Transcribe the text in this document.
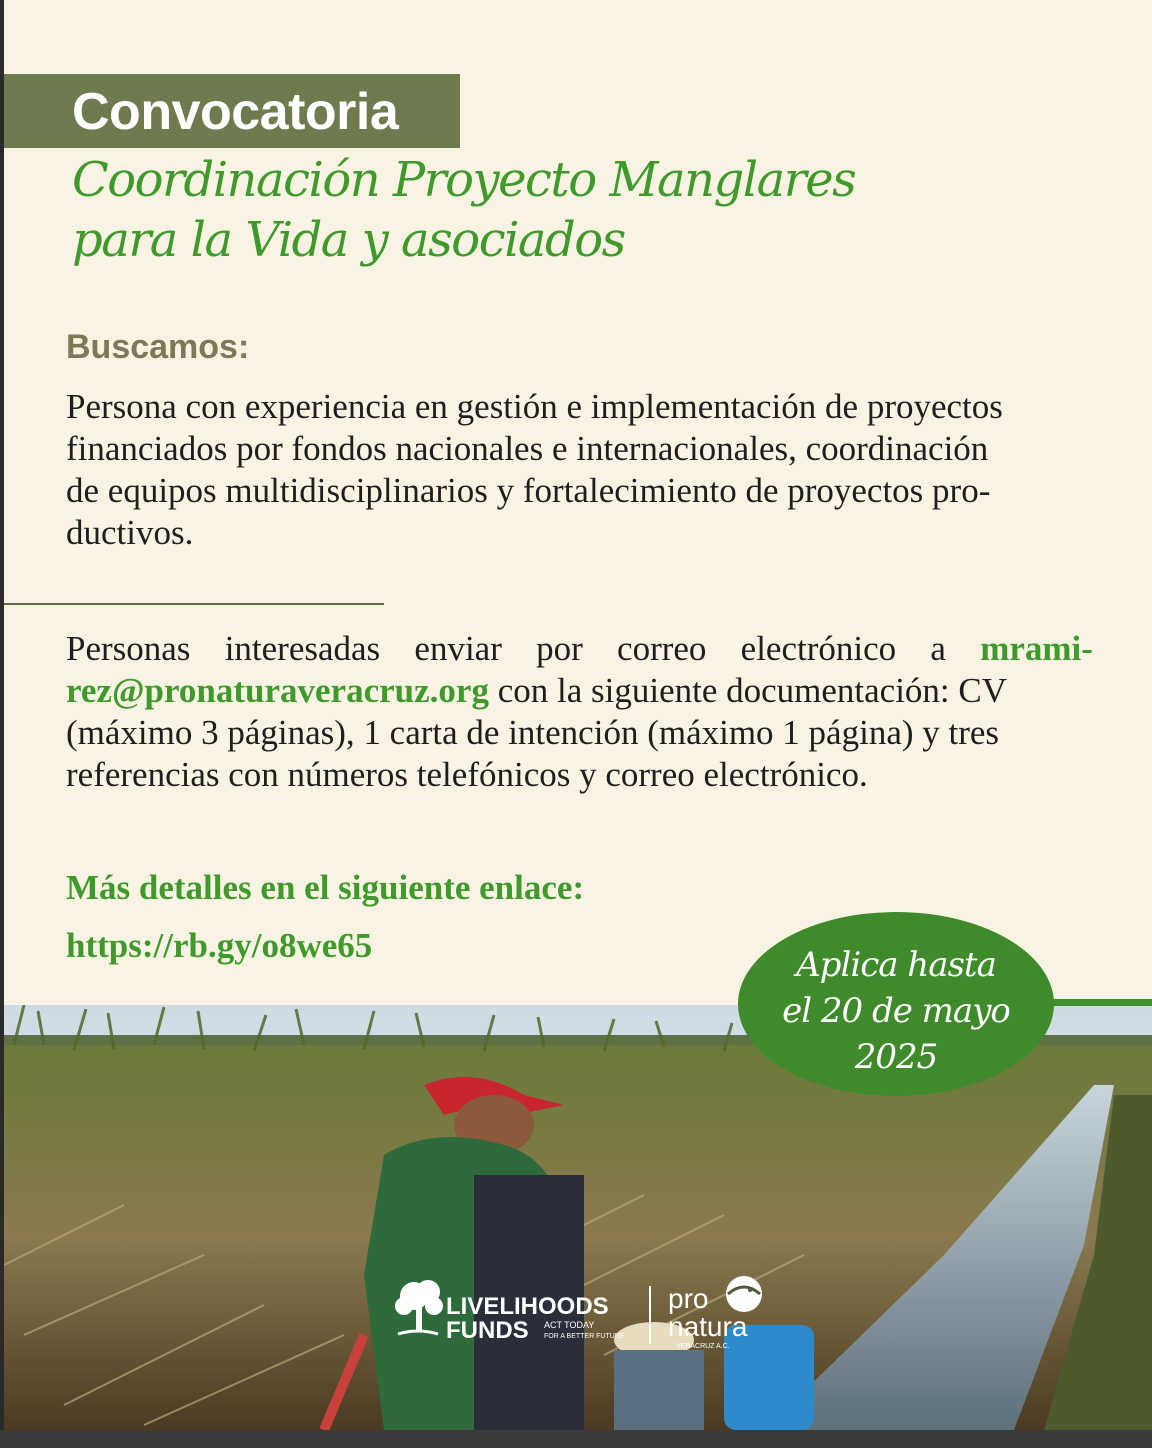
Convocatoria
Coordinación Proyecto Manglares
para la Vida y asociados
Buscamos:
Persona con experiencia en gestión e implementación de proyectos
financiados por fondos nacionales e internacionales, coordinación
de equipos multidisciplinarios y fortalecimiento de proyectos pro-
ductivos.
Personas interesadas enviar por correo electrónico a mrami-
rez@pronaturaveracruz.org con la siguiente documentación: CV
(máximo 3 páginas), 1 carta de intención (máximo 1 página) y tres
referencias con números telefónicos y correo electrónico.
Más detalles en el siguiente enlace:
https://rb.gy/o8we65	Aplica hasta
el 20 de mayo
2025
LIVELIHOODS
FUNDS ACT TODAY
FOR A BETTER FUTURE
pro
natura
VERACRUZ A.C.
